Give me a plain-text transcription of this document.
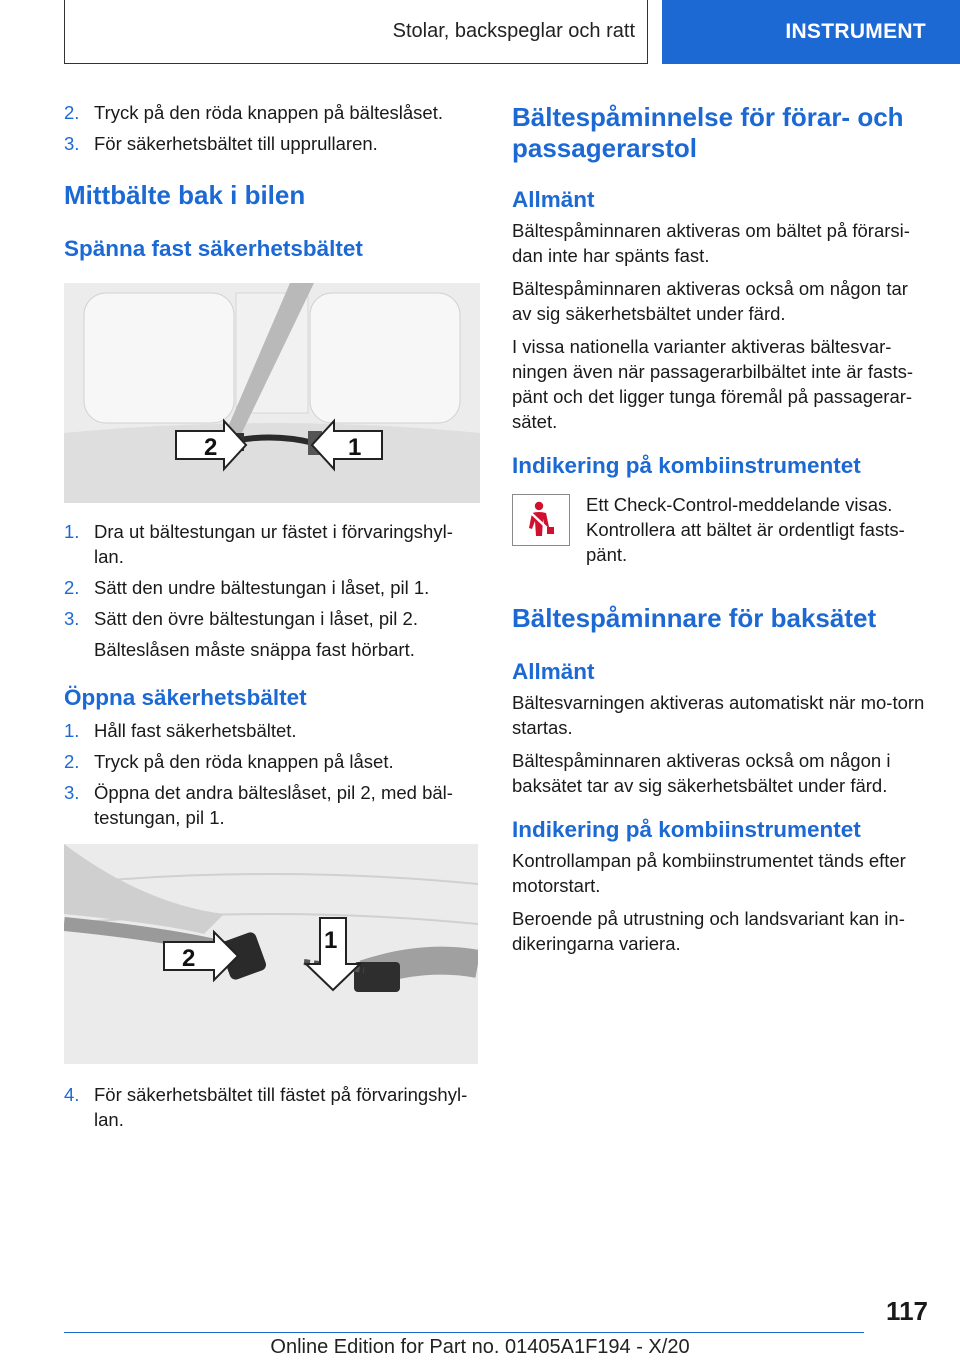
Stolar, backspeglar och ratt	INSTRUMENT
2. Tryck på den röda knappen på bälteslåset.
3. För säkerhetsbältet till upprullaren.
Mittbälte bak i bilen
Spänna fast säkerhetsbältet
2	1
1. Dra ut bältestungan ur fästet i förvaringshyl-lan.
2. Sätt den undre bältestungan i låset, pil 1.
3. Sätt den övre bältestungan i låset, pil 2.
Bälteslåsen måste snäppa fast hörbart.
Öppna säkerhetsbältet
1. Håll fast säkerhetsbältet.
2. Tryck på den röda knappen på låset.
3. Öppna det andra bälteslåset, pil 2, med bäl-testungan, pil 1.
2
1
4. För säkerhetsbältet till fästet på förvaringshyl-lan.
Bältespåminnelse för förar- och passagerarstol
Allmänt

Bältespåminnaren aktiveras om bältet på förarsi-dan inte har spänts fast.

Bältespåminnaren aktiveras också om någon tar av sig säkerhetsbältet under färd.

I vissa nationella varianter aktiveras bältesvar-ningen även när passagerarbilbältet inte är fasts-pänt och det ligger tunga föremål på passagerar-sätet.

Indikering på kombiinstrumentet
Ett Check-Control-meddelande visas. Kontrollera att bältet är ordentligt fasts-pänt.
Bältespåminnare för baksätet
Allmänt

Bältesvarningen aktiveras automatiskt när mo-torn startas.

Bältespåminnaren aktiveras också om någon i baksätet tar av sig säkerhetsbältet under färd.

Indikering på kombiinstrumentet

Kontrollampan på kombiinstrumentet tänds efter motorstart.

Beroende på utrustning och landsvariant kan in-dikeringarna variera.

117
Online Edition for Part no. 01405A1F194 - X/20
